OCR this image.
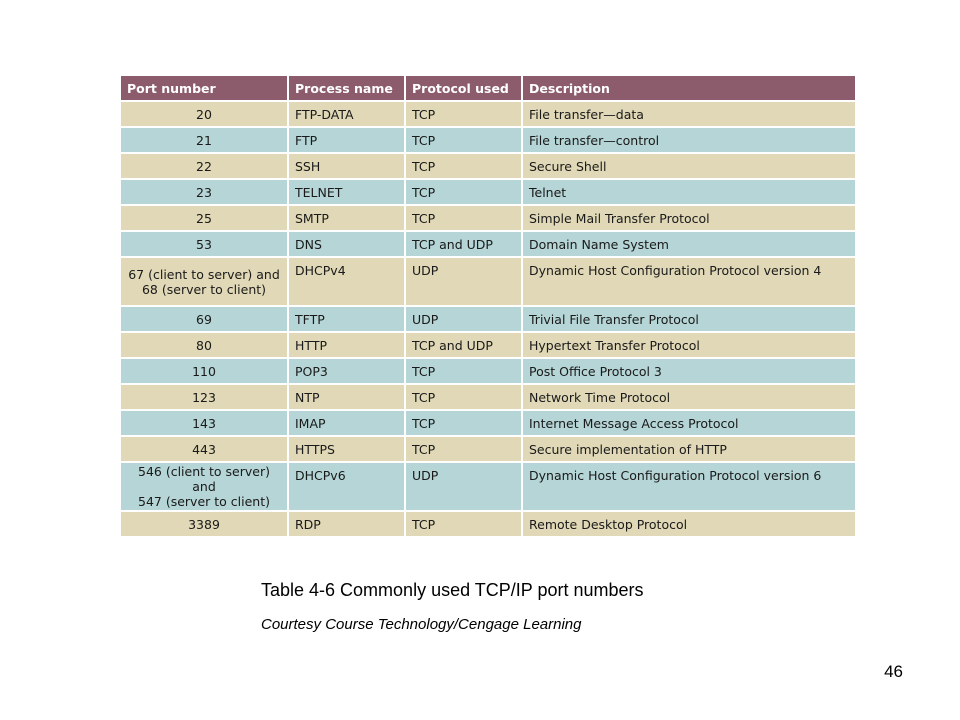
Port number	Process name	Protocol used	Description
20	FTP-DATA	TCP	File transfer—data
21	FTP	TCP	File transfer—control
22	SSH	TCP	Secure Shell
23	TELNET	TCP	Telnet
25	SMTP	TCP	Simple Mail Transfer Protocol
53	DNS	TCP and UDP	Domain Name System
67 (client to server) and
68 (server to client)	DHCPv4	UDP	Dynamic Host Configuration Protocol version 4
69	TFTP	UDP	Trivial File Transfer Protocol
80	HTTP	TCP and UDP	Hypertext Transfer Protocol
110	POP3	TCP	Post Office Protocol 3
123	NTP	TCP	Network Time Protocol
143	IMAP	TCP	Internet Message Access Protocol
443	HTTPS	TCP	Secure implementation of HTTP
546 (client to server) and
547 (server to client)	DHCPv6	UDP	Dynamic Host Configuration Protocol version 6
3389	RDP	TCP	Remote Desktop Protocol

Table 4-6 Commonly used TCP/IP port numbers

Courtesy Course Technology/Cengage Learning

46
